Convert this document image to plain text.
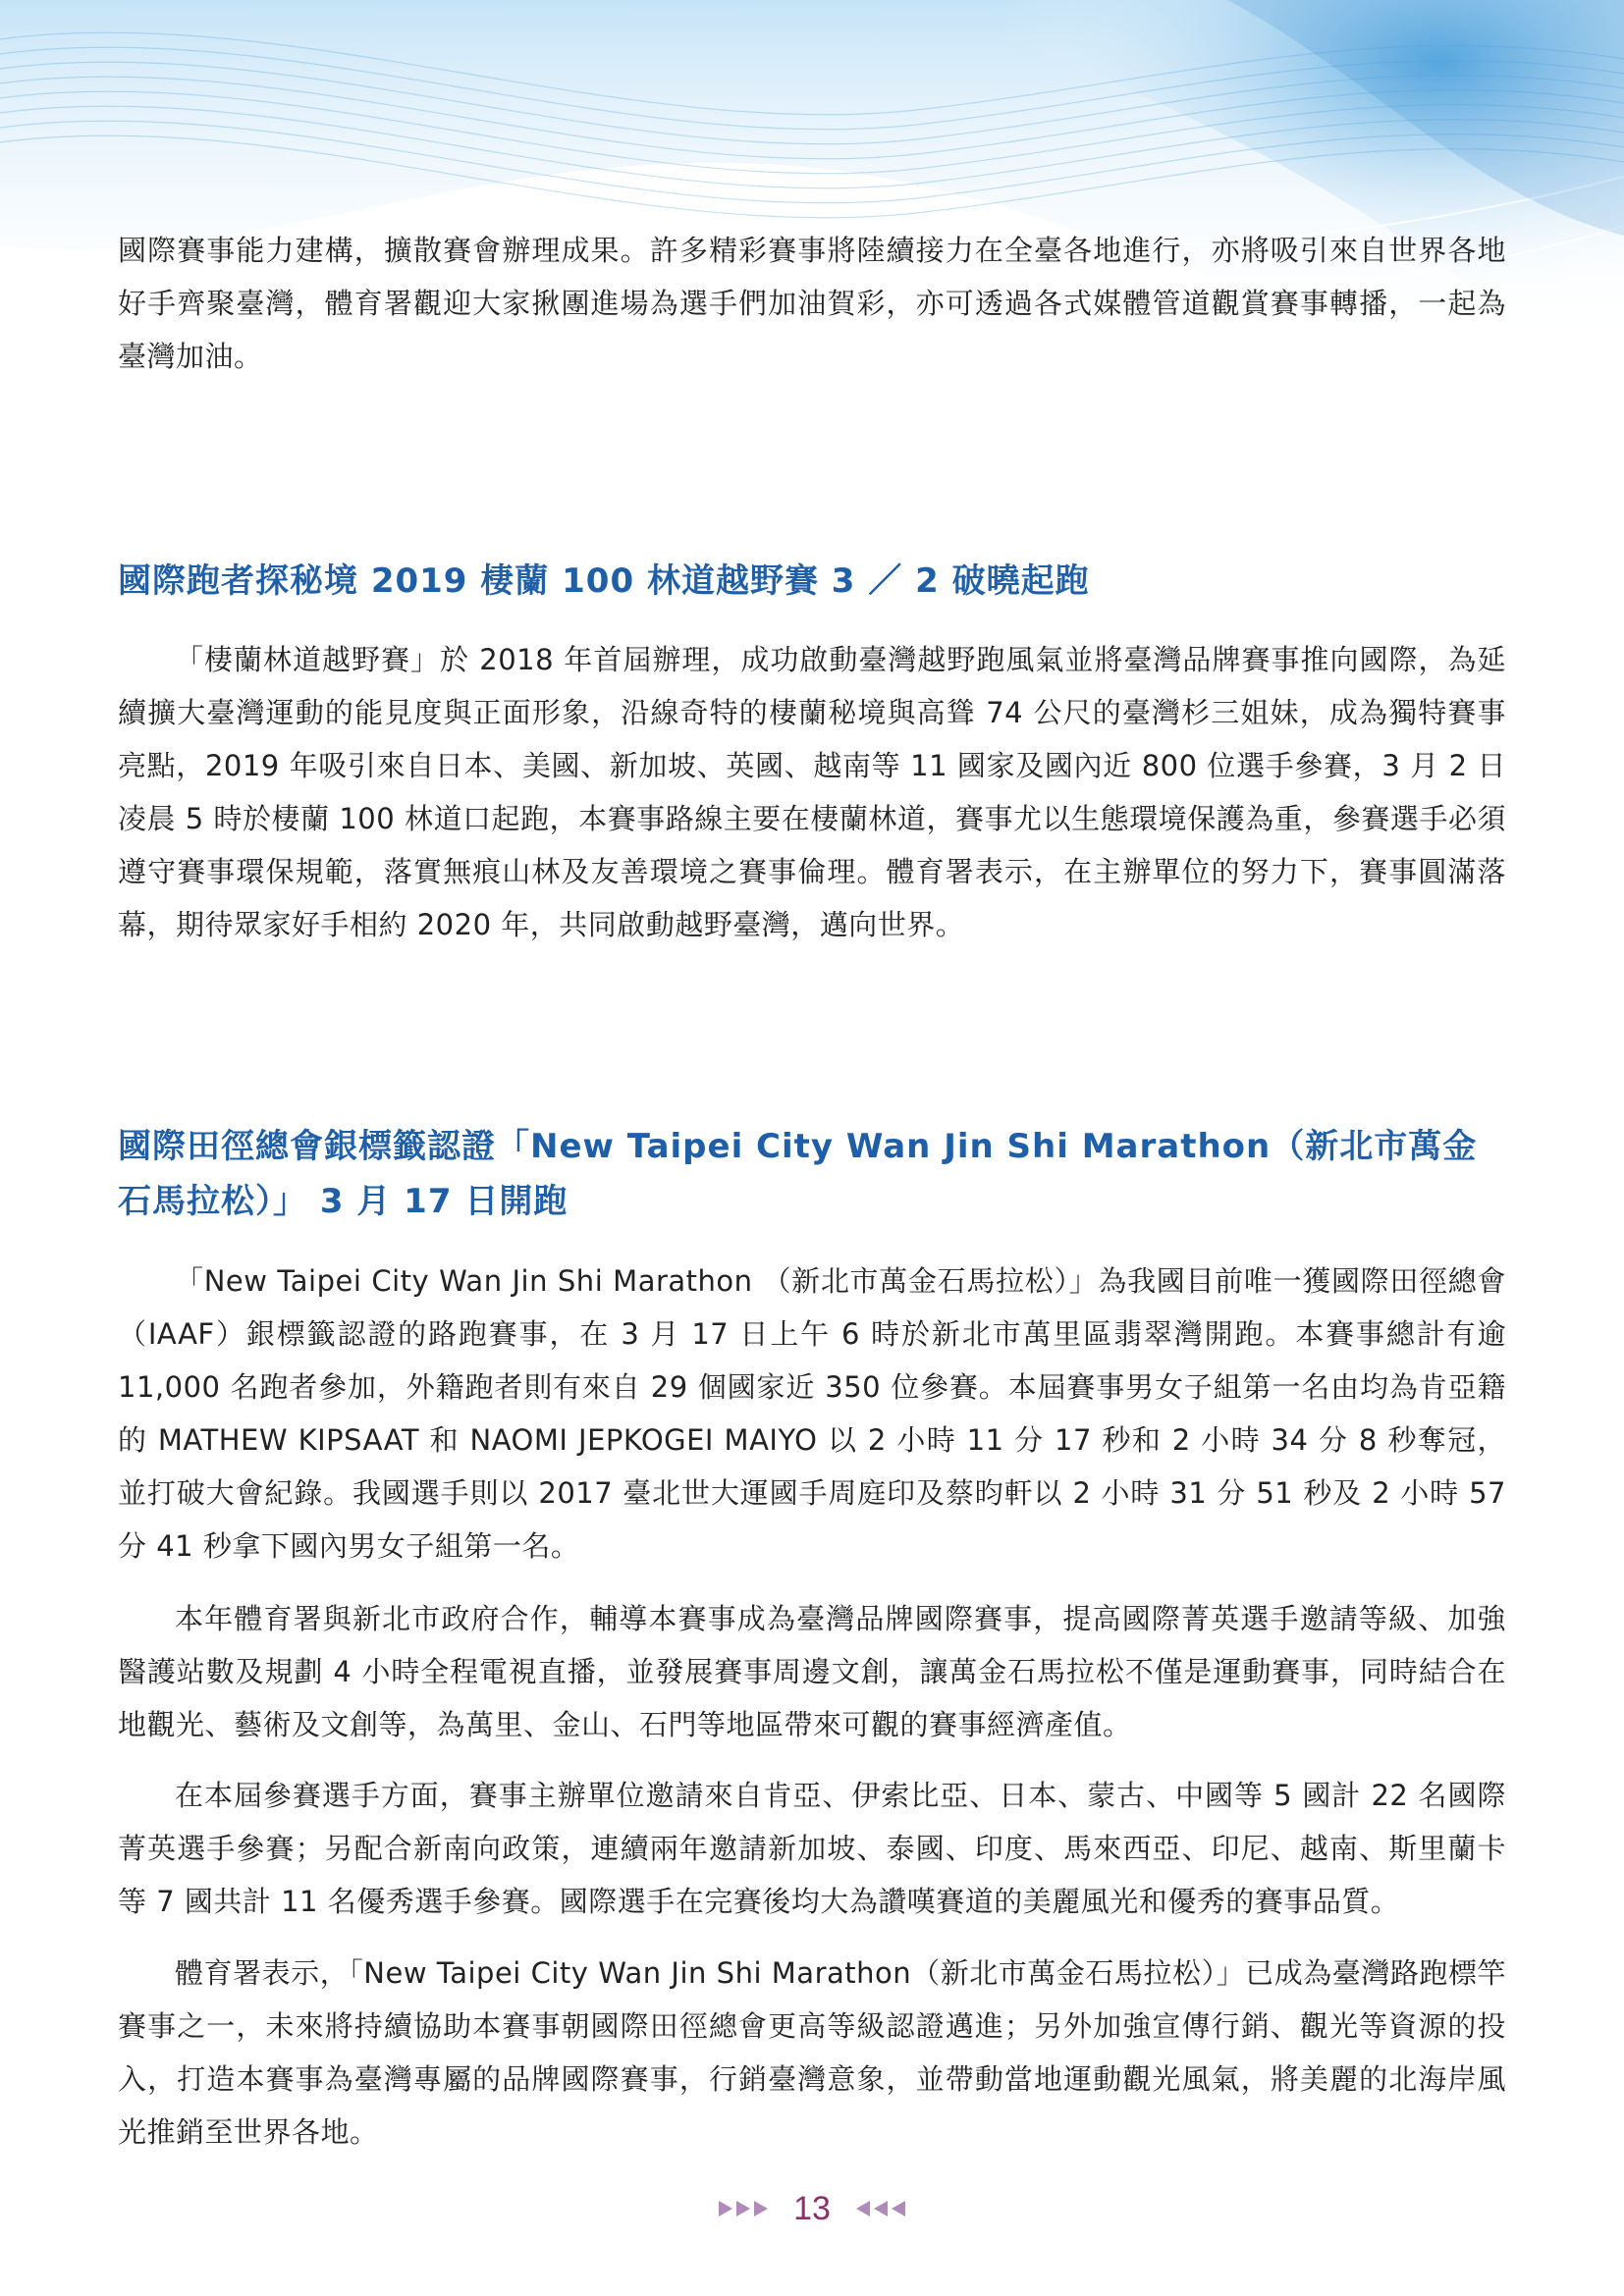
國際賽事能力建構，擴散賽會辦理成果。許多精彩賽事將陸續接力在全臺各地進行，亦將吸引來自世界各地好手齊聚臺灣，體育署觀迎大家揪團進場為選手們加油賀彩，亦可透過各式媒體管道觀賞賽事轉播，一起為臺灣加油。

國際跑者探秘境 2019 棲蘭 100 林道越野賽 3 ／ 2 破曉起跑

「棲蘭林道越野賽」於 2018 年首屆辦理，成功啟動臺灣越野跑風氣並將臺灣品牌賽事推向國際，為延續擴大臺灣運動的能見度與正面形象，沿線奇特的棲蘭秘境與高聳 74 公尺的臺灣杉三姐妹，成為獨特賽事亮點，2019 年吸引來自日本、美國、新加坡、英國、越南等 11 國家及國內近 800 位選手參賽，3 月 2 日凌晨 5 時於棲蘭 100 林道口起跑，本賽事路線主要在棲蘭林道，賽事尤以生態環境保護為重，參賽選手必須遵守賽事環保規範，落實無痕山林及友善環境之賽事倫理。體育署表示，在主辦單位的努力下，賽事圓滿落幕，期待眾家好手相約 2020 年，共同啟動越野臺灣，邁向世界。

國際田徑總會銀標籤認證「New Taipei City Wan Jin Shi Marathon（新北市萬金石馬拉松）」 3 月 17 日開跑

「New Taipei City Wan Jin Shi Marathon （新北市萬金石馬拉松）」為我國目前唯一獲國際田徑總會（IAAF）銀標籤認證的路跑賽事，在 3 月 17 日上午 6 時於新北市萬里區翡翠灣開跑。本賽事總計有逾 11,000 名跑者參加，外籍跑者則有來自 29 個國家近 350 位參賽。本屆賽事男女子組第一名由均為肯亞籍的 MATHEW KIPSAAT 和 NAOMI JEPKOGEI MAIYO 以 2 小時 11 分 17 秒和 2 小時 34 分 8 秒奪冠，並打破大會紀錄。我國選手則以 2017 臺北世大運國手周庭印及蔡昀軒以 2 小時 31 分 51 秒及 2 小時 57 分 41 秒拿下國內男女子組第一名。

本年體育署與新北市政府合作，輔導本賽事成為臺灣品牌國際賽事，提高國際菁英選手邀請等級、加強醫護站數及規劃 4 小時全程電視直播，並發展賽事周邊文創，讓萬金石馬拉松不僅是運動賽事，同時結合在地觀光、藝術及文創等，為萬里、金山、石門等地區帶來可觀的賽事經濟產值。

在本屆參賽選手方面，賽事主辦單位邀請來自肯亞、伊索比亞、日本、蒙古、中國等 5 國計 22 名國際菁英選手參賽；另配合新南向政策，連續兩年邀請新加坡、泰國、印度、馬來西亞、印尼、越南、斯里蘭卡等 7 國共計 11 名優秀選手參賽。國際選手在完賽後均大為讚嘆賽道的美麗風光和優秀的賽事品質。

體育署表示，「New Taipei City Wan Jin Shi Marathon（新北市萬金石馬拉松）」已成為臺灣路跑標竿賽事之一，未來將持續協助本賽事朝國際田徑總會更高等級認證邁進；另外加強宣傳行銷、觀光等資源的投入，打造本賽事為臺灣專屬的品牌國際賽事，行銷臺灣意象，並帶動當地運動觀光風氣，將美麗的北海岸風光推銷至世界各地。

13
